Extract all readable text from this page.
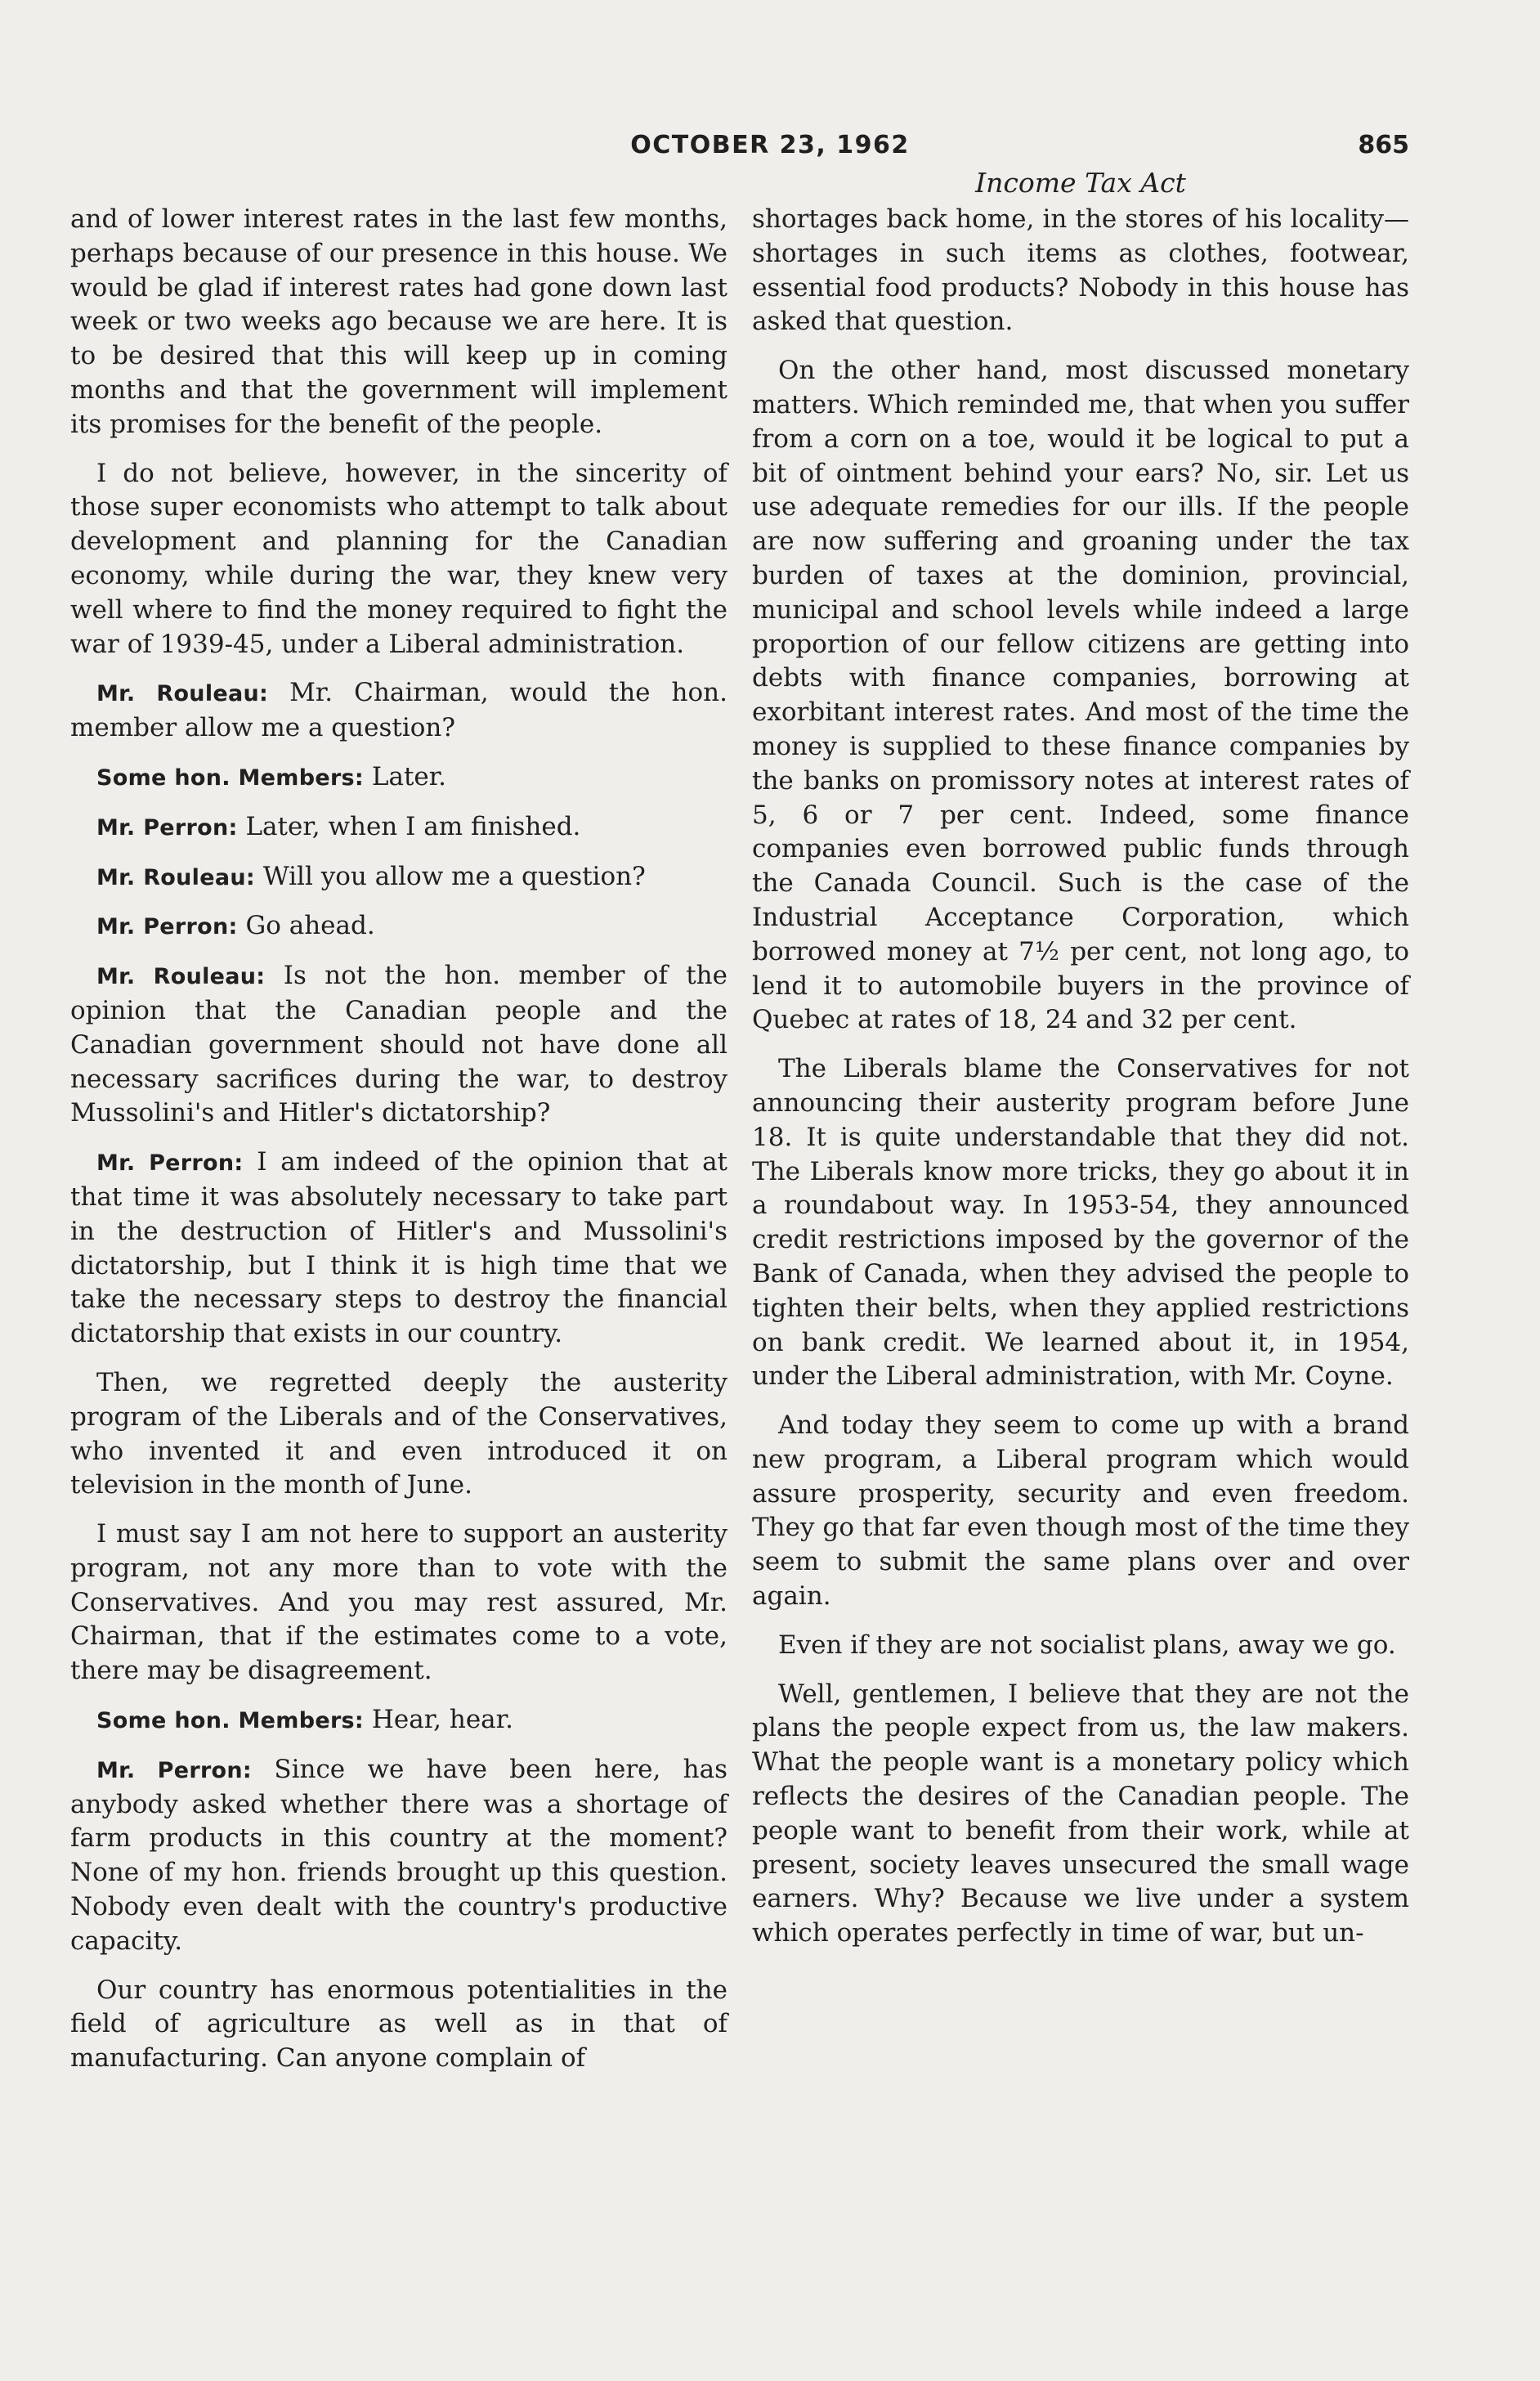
OCTOBER 23, 1962	865
Income Tax Act

and of lower interest rates in the last few months, perhaps because of our presence in this house. We would be glad if interest rates had gone down last week or two weeks ago because we are here. It is to be desired that this will keep up in coming months and that the government will implement its promises for the benefit of the people.

I do not believe, however, in the sincerity of those super economists who attempt to talk about development and planning for the Canadian economy, while during the war, they knew very well where to find the money required to fight the war of 1939-45, under a Liberal administration.

Mr. Rouleau: Mr. Chairman, would the hon. member allow me a question?

Some hon. Members: Later.

Mr. Perron: Later, when I am finished.

Mr. Rouleau: Will you allow me a question?

Mr. Perron: Go ahead.

Mr. Rouleau: Is not the hon. member of the opinion that the Canadian people and the Canadian government should not have done all necessary sacrifices during the war, to destroy Mussolini's and Hitler's dictatorship?

Mr. Perron: I am indeed of the opinion that at that time it was absolutely necessary to take part in the destruction of Hitler's and Mussolini's dictatorship, but I think it is high time that we take the necessary steps to destroy the financial dictatorship that exists in our country.

Then, we regretted deeply the austerity program of the Liberals and of the Conservatives, who invented it and even introduced it on television in the month of June.

I must say I am not here to support an austerity program, not any more than to vote with the Conservatives. And you may rest assured, Mr. Chairman, that if the estimates come to a vote, there may be disagreement.

Some hon. Members: Hear, hear.

Mr. Perron: Since we have been here, has anybody asked whether there was a shortage of farm products in this country at the moment? None of my hon. friends brought up this question. Nobody even dealt with the country's productive capacity.

Our country has enormous potentialities in the field of agriculture as well as in that of manufacturing. Can anyone complain of

shortages back home, in the stores of his locality—shortages in such items as clothes, footwear, essential food products? Nobody in this house has asked that question.

On the other hand, most discussed monetary matters. Which reminded me, that when you suffer from a corn on a toe, would it be logical to put a bit of ointment behind your ears? No, sir. Let us use adequate remedies for our ills. If the people are now suffering and groaning under the tax burden of taxes at the dominion, provincial, municipal and school levels while indeed a large proportion of our fellow citizens are getting into debts with finance companies, borrowing at exorbitant interest rates. And most of the time the money is supplied to these finance companies by the banks on promissory notes at interest rates of 5, 6 or 7 per cent. Indeed, some finance companies even borrowed public funds through the Canada Council. Such is the case of the Industrial Acceptance Corporation, which borrowed money at 7½ per cent, not long ago, to lend it to automobile buyers in the province of Quebec at rates of 18, 24 and 32 per cent.

The Liberals blame the Conservatives for not announcing their austerity program before June 18. It is quite understandable that they did not. The Liberals know more tricks, they go about it in a roundabout way. In 1953-54, they announced credit restrictions imposed by the governor of the Bank of Canada, when they advised the people to tighten their belts, when they applied restrictions on bank credit. We learned about it, in 1954, under the Liberal administration, with Mr. Coyne.

And today they seem to come up with a brand new program, a Liberal program which would assure prosperity, security and even freedom. They go that far even though most of the time they seem to submit the same plans over and over again.

Even if they are not socialist plans, away we go.

Well, gentlemen, I believe that they are not the plans the people expect from us, the law makers. What the people want is a monetary policy which reflects the desires of the Canadian people. The people want to benefit from their work, while at present, society leaves unsecured the small wage earners. Why? Because we live under a system which operates perfectly in time of war, but un-
